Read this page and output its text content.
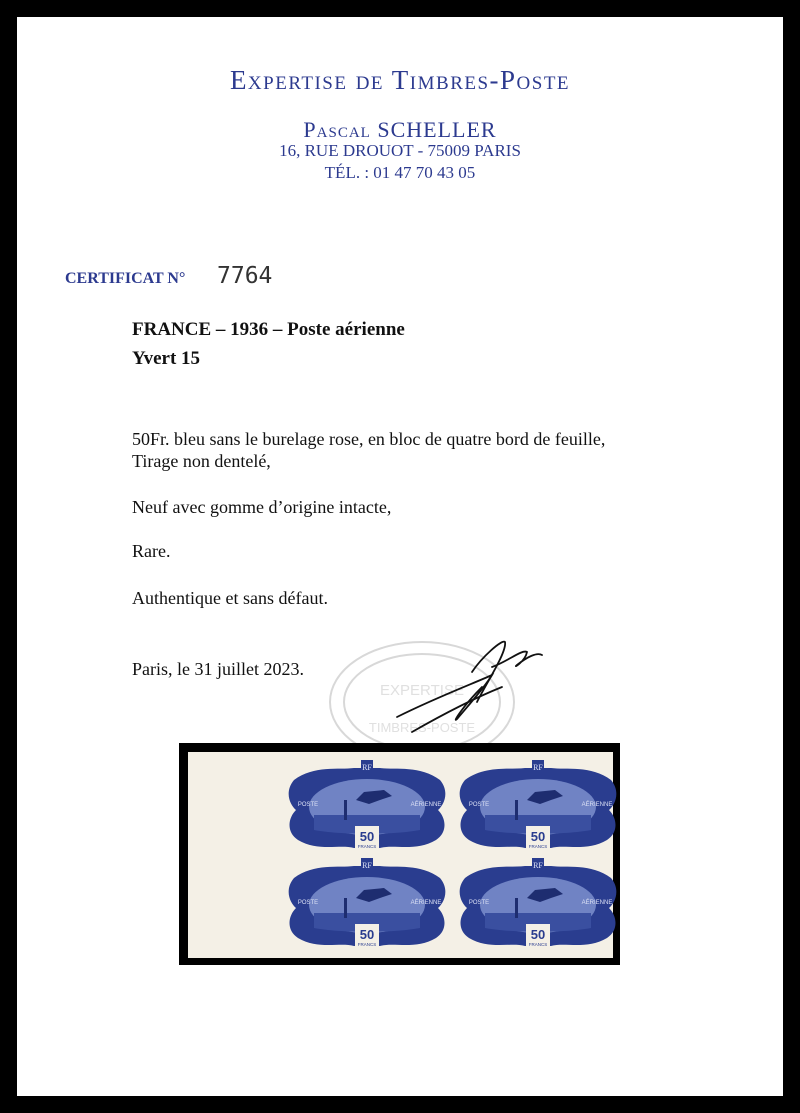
Expertise de Timbres-Poste
Pascal SCHELLER
16, RUE DROUOT - 75009 PARIS
TÉL. : 01 47 70 43 05
CERTIFICAT N° 7764
FRANCE – 1936 – Poste aérienne
Yvert 15
50Fr. bleu sans le burelage rose, en bloc de quatre bord de feuille,
Tirage non dentelé,
Neuf avec gomme d’origine intacte,
Rare.
Authentique et sans défaut.
Paris, le 31 juillet 2023.
EXPERTISE
TIMBRES-POSTE
